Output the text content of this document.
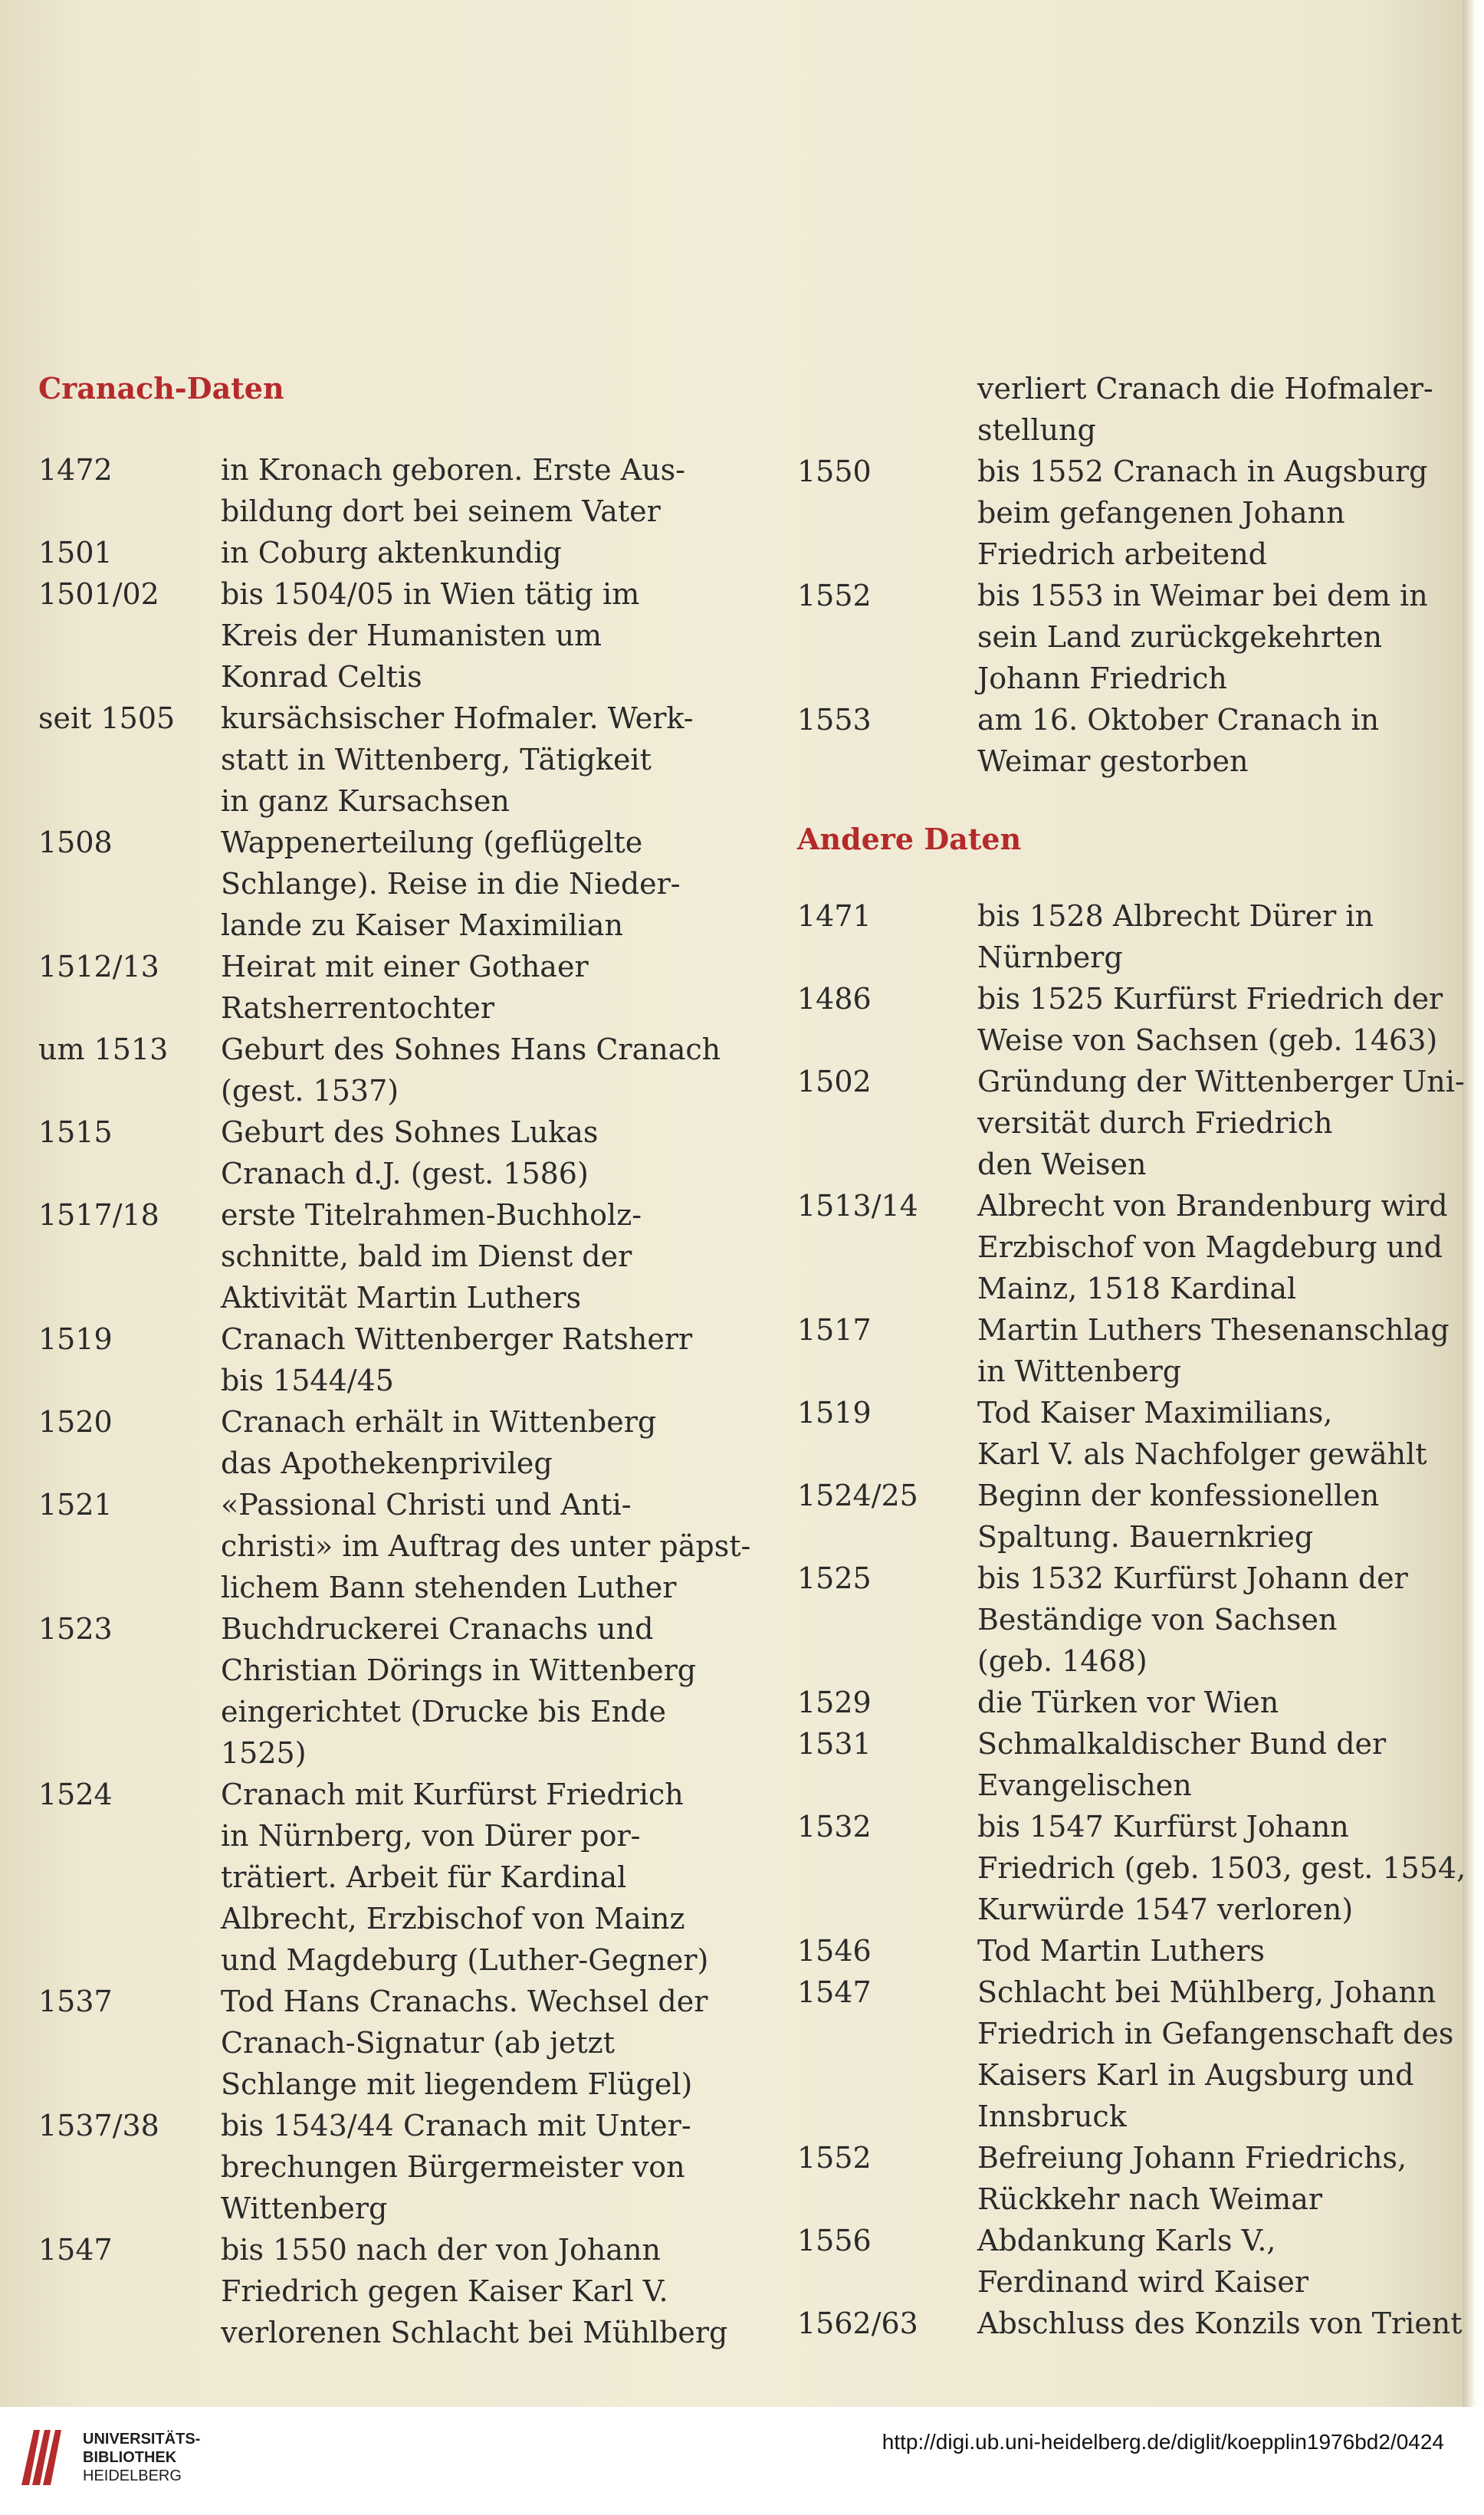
Cranach-Daten
1472	in Kronach geboren. Erste Aus-
bildung dort bei seinem Vater
1501	in Coburg aktenkundig
1501/02	bis 1504/05 in Wien tätig im
Kreis der Humanisten um
Konrad Celtis
seit 1505	kursächsischer Hofmaler. Werk-
statt in Wittenberg, Tätigkeit
in ganz Kursachsen
1508	Wappenerteilung (geflügelte
Schlange). Reise in die Nieder-
lande zu Kaiser Maximilian
1512/13	Heirat mit einer Gothaer
Ratsherrentochter
um 1513	Geburt des Sohnes Hans Cranach
(gest. 1537)
1515	Geburt des Sohnes Lukas
Cranach d.J. (gest. 1586)
1517/18	erste Titelrahmen-Buchholz-
schnitte, bald im Dienst der
Aktivität Martin Luthers
1519	Cranach Wittenberger Ratsherr
bis 1544/45
1520	Cranach erhält in Wittenberg
das Apothekenprivileg
1521	«Passional Christi und Anti-
christi» im Auftrag des unter päpst-
lichem Bann stehenden Luther
1523	Buchdruckerei Cranachs und
Christian Dörings in Wittenberg
eingerichtet (Drucke bis Ende
1525)
1524	Cranach mit Kurfürst Friedrich
in Nürnberg, von Dürer por-
trätiert. Arbeit für Kardinal
Albrecht, Erzbischof von Mainz
und Magdeburg (Luther-Gegner)
1537	Tod Hans Cranachs. Wechsel der
Cranach-Signatur (ab jetzt
Schlange mit liegendem Flügel)
1537/38	bis 1543/44 Cranach mit Unter-
brechungen Bürgermeister von
Wittenberg
1547	bis 1550 nach der von Johann
Friedrich gegen Kaiser Karl V.
verlorenen Schlacht bei Mühlberg
verliert Cranach die Hofmaler-
stellung
1550	bis 1552 Cranach in Augsburg
beim gefangenen Johann
Friedrich arbeitend
1552	bis 1553 in Weimar bei dem in
sein Land zurückgekehrten
Johann Friedrich
1553	am 16. Oktober Cranach in
Weimar gestorben
Andere Daten
1471	bis 1528 Albrecht Dürer in
Nürnberg
1486	bis 1525 Kurfürst Friedrich der
Weise von Sachsen (geb. 1463)
1502	Gründung der Wittenberger Uni-
versität durch Friedrich
den Weisen
1513/14	Albrecht von Brandenburg wird
Erzbischof von Magdeburg und
Mainz, 1518 Kardinal
1517	Martin Luthers Thesenanschlag
in Wittenberg
1519	Tod Kaiser Maximilians,
Karl V. als Nachfolger gewählt
1524/25	Beginn der konfessionellen
Spaltung. Bauernkrieg
1525	bis 1532 Kurfürst Johann der
Beständige von Sachsen
(geb. 1468)
1529	die Türken vor Wien
1531	Schmalkaldischer Bund der
Evangelischen
1532	bis 1547 Kurfürst Johann
Friedrich (geb. 1503, gest. 1554,
Kurwürde 1547 verloren)
1546	Tod Martin Luthers
1547	Schlacht bei Mühlberg, Johann
Friedrich in Gefangenschaft des
Kaisers Karl in Augsburg und
Innsbruck
1552	Befreiung Johann Friedrichs,
Rückkehr nach Weimar
1556	Abdankung Karls V.,
Ferdinand wird Kaiser
1562/63	Abschluss des Konzils von Trient
UNIVERSITÄTS-
BIBLIOTHEK
HEIDELBERG
http://digi.ub.uni-heidelberg.de/diglit/koepplin1976bd2/0424
